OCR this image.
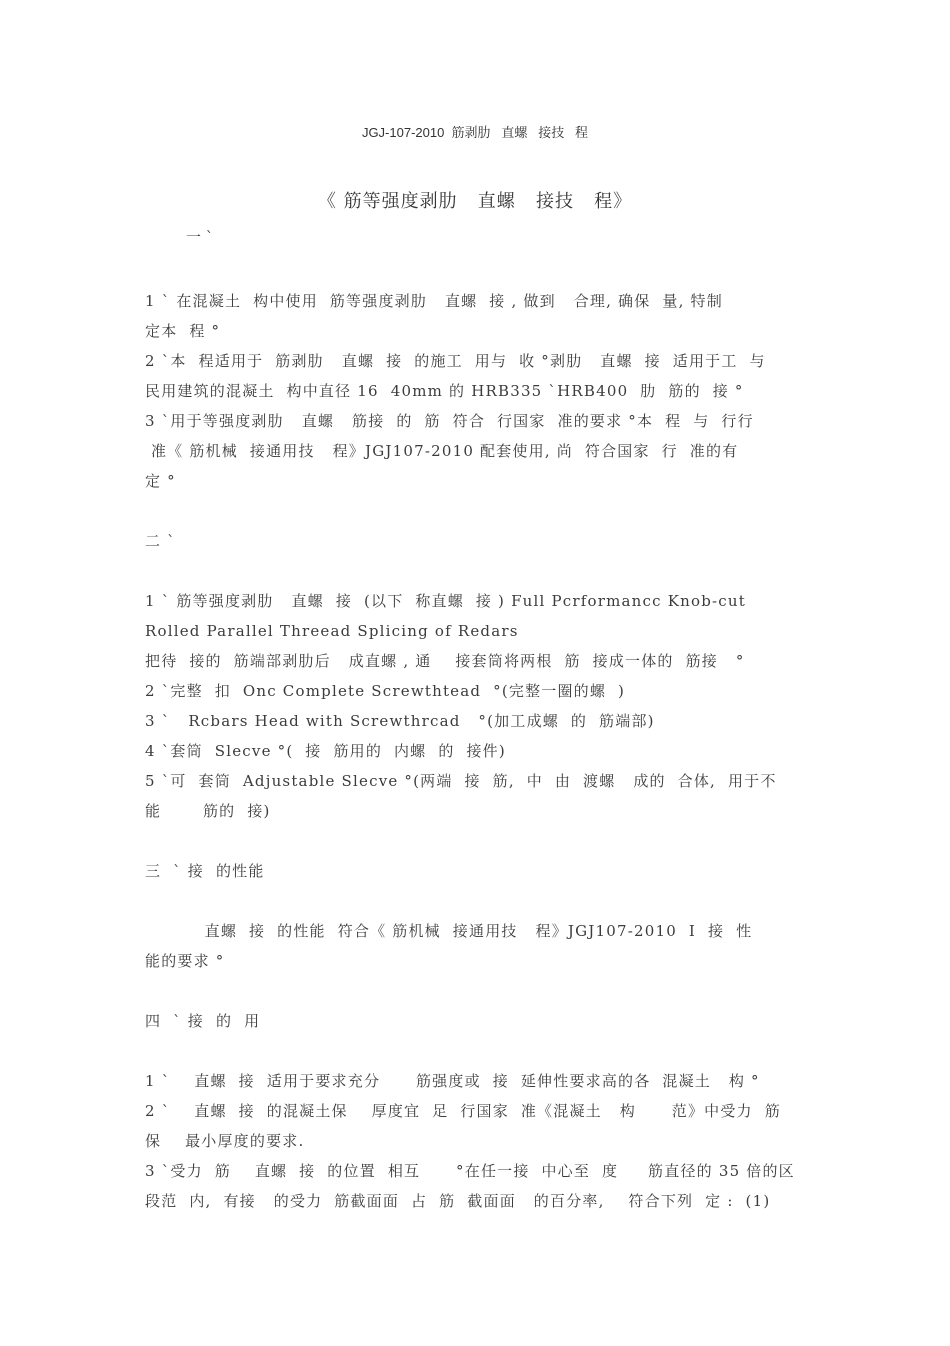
JGJ-107-2010  筋剥肋   直螺   接技   程
《 筋等强度剥肋   直螺   接技   程》
一 ˋ
1 ˋ 在混凝土  构中使用  筋等强度剥肋   直螺  接 , 做到   合理, 确保  量, 特制
定本  程 °
2 ˋ本  程适用于  筋剥肋   直螺  接  的施工  用与  收 °剥肋   直螺  接  适用于工  与
民用建筑的混凝土  构中直径 16  40mm 的 HRB335 ˋHRB400  肋  筋的  接 °
3 ˋ用于等强度剥肋   直螺   筋接  的  筋  符合  行国家  准的要求 °本  程  与  行行
准《 筋机械  接通用技   程》JGJ107-2010 配套使用, 尚  符合国家  行  准的有
定 °
二 ˋ
1 ˋ 筋等强度剥肋   直螺  接  (以下  称直螺  接 ) Full Pcrformancc Knob-cut
Rolled Parallel Threead Splicing of Redars
把待  接的  筋端部剥肋后   成直螺 , 通    接套筒将两根  筋  接成一体的  筋接   °
2 ˋ完整  扣  Onc Complete Screwthtead  °(完整一圈的螺  )
3 ˋ   Rcbars Head with Screwthrcad   °(加工成螺  的  筋端部)
4 ˋ套筒  Slecve °(  接  筋用的  内螺  的  接件)
5 ˋ可  套筒  Adjustable Slecve °(两端  接  筋,  中  由  渡螺   成的  合体,  用于不
能       筋的  接)
三  ˋ 接  的性能
直螺  接  的性能  符合《 筋机械  接通用技   程》JGJ107-2010  I  接  性
能的要求 °
四  ˋ 接  的  用
1 ˋ    直螺  接  适用于要求充分      筋强度或  接  延伸性要求高的各  混凝土   构 °
2 ˋ    直螺  接  的混凝土保    厚度宜  足  行国家  准《混凝土   构      范》中受力  筋
保    最小厚度的要求.
3 ˋ受力  筋    直螺  接  的位置  相互      °在任一接  中心至  度     筋直径的 35 倍的区
段范  内,  有接   的受力  筋截面面  占  筋  截面面   的百分率,    符合下列  定 :  (1)
